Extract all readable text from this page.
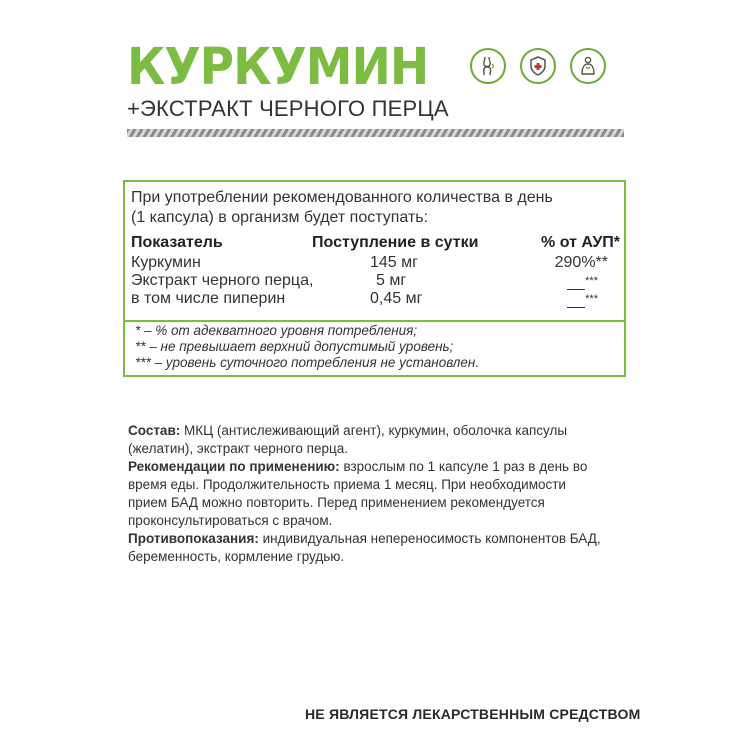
КУРКУМИН
+ЭКСТРАКТ ЧЕРНОГО ПЕРЦА
При употреблении рекомендованного количества в день
(1 капсула) в организм будет поступать:
Показатель	Поступление в сутки	% от АУП*
Куркумин	145 мг	290%**
Экстракт черного перца,	5 мг	***
в том числе пиперин	0,45 мг	***
* – % от адекватного уровня потребления;
** – не превышает верхний допустимый уровень;
*** – уровень суточного потребления не установлен.
Состав: МКЦ (антислеживающий агент), куркумин, оболочка капсулы
(желатин), экстракт черного перца.
Рекомендации по применению: взрослым по 1 капсуле 1 раз в день во
время еды. Продолжительность приема 1 месяц. При необходимости
прием БАД можно повторить. Перед применением рекомендуется
проконсультироваться с врачом.
Противопоказания: индивидуальная непереносимость компонентов БАД,
беременность, кормление грудью.
НЕ ЯВЛЯЕТСЯ ЛЕКАРСТВЕННЫМ СРЕДСТВОМ
